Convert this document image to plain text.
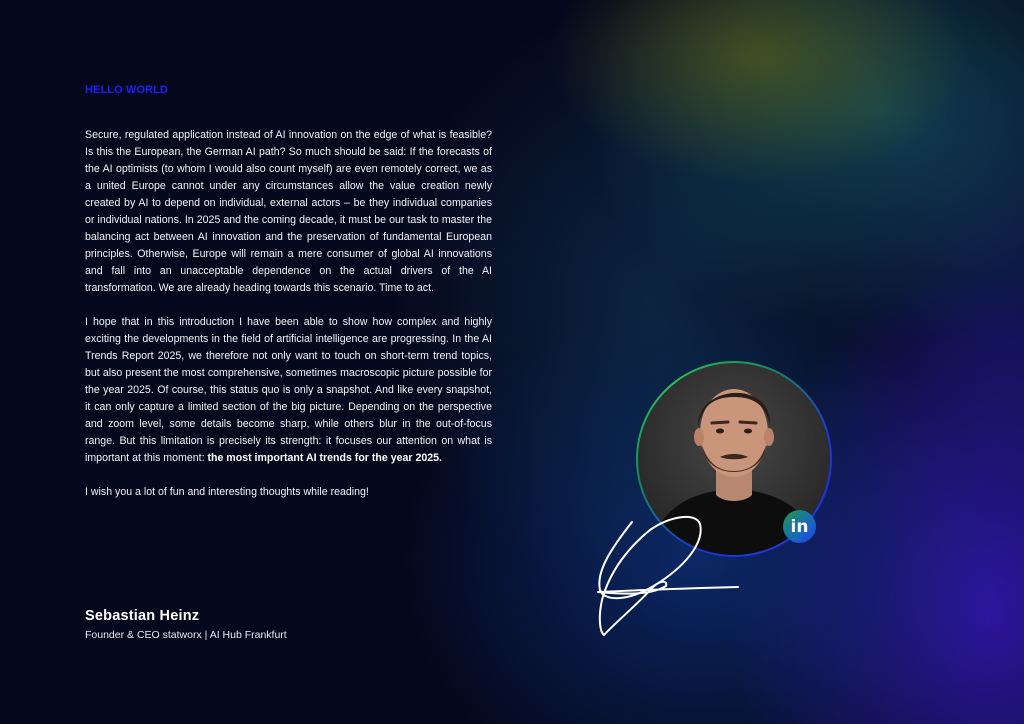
HELLO WORLD

Secure, regulated application instead of AI innovation on the edge of what is feasible? Is this the European, the German AI path? So much should be said: If the forecasts of the AI optimists (to whom I would also count myself) are even remotely correct, we as a united Europe cannot under any circumstances allow the value creation newly created by AI to depend on individual, external actors – be they individual companies or individual nations. In 2025 and the coming decade, it must be our task to master the balancing act between AI innovation and the preservation of fundamental European principles. Otherwise, Europe will remain a mere consumer of global AI innovations and fall into an unacceptable dependence on the actual drivers of the AI transformation. We are already heading towards this scenario. Time to act.

I hope that in this introduction I have been able to show how complex and highly exciting the developments in the field of artificial intelligence are progressing. In the AI Trends Report 2025, we therefore not only want to touch on short-term trend topics, but also present the most comprehensive, sometimes macroscopic picture possible for the year 2025. Of course, this status quo is only a snapshot. And like every snapshot, it can only capture a limited section of the big picture. Depending on the perspective and zoom level, some details become sharp, while others blur in the out-of-focus range. But this limitation is precisely its strength: it focuses our attention on what is important at this moment: the most important AI trends for the year 2025.

I wish you a lot of fun and interesting thoughts while reading!

Sebastian Heinz
Founder & CEO statworx | AI Hub Frankfurt
in
